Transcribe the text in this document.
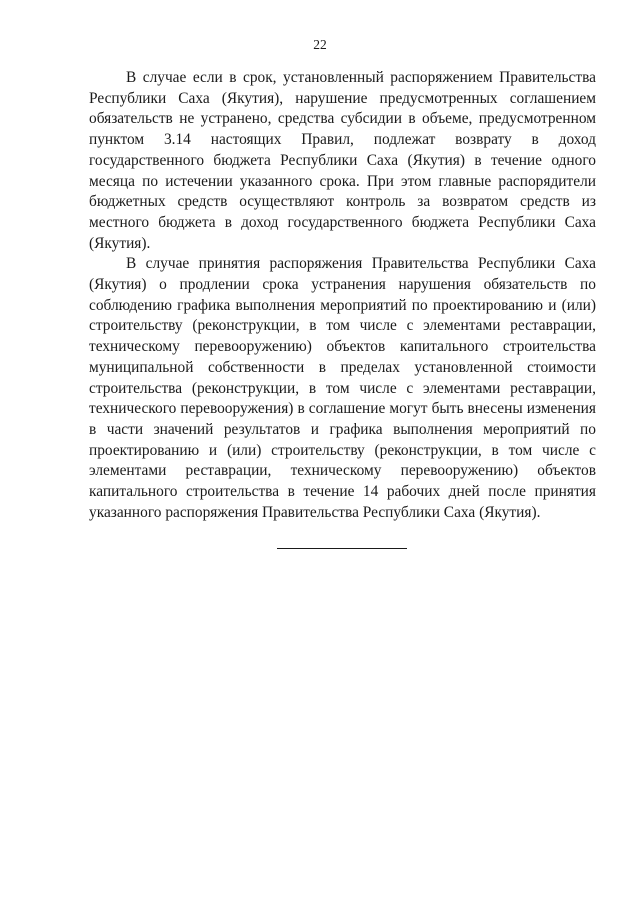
22

В случае если в срок, установленный распоряжением Правительства Республики Саха (Якутия), нарушение предусмотренных соглашением обязательств не устранено, средства субсидии в объеме, предусмотренном пунктом 3.14 настоящих Правил, подлежат возврату в доход государственного бюджета Республики Саха (Якутия) в течение одного месяца по истечении указанного срока. При этом главные распорядители бюджетных средств осуществляют контроль за возвратом средств из местного бюджета в доход государственного бюджета Республики Саха (Якутия).

В случае принятия распоряжения Правительства Республики Саха (Якутия) о продлении срока устранения нарушения обязательств по соблюдению графика выполнения мероприятий по проектированию и (или) строительству (реконструкции, в том числе с элементами реставрации, техническому перевооружению) объектов капитального строительства муниципальной собственности в пределах установленной стоимости строительства (реконструкции, в том числе с элементами реставрации, технического перевооружения) в соглашение могут быть внесены изменения в части значений результатов и графика выполнения мероприятий по проектированию и (или) строительству (реконструкции, в том числе с элементами реставрации, техническому перевооружению) объектов капитального строительства в течение 14 рабочих дней после принятия указанного распоряжения Правительства Республики Саха (Якутия).
